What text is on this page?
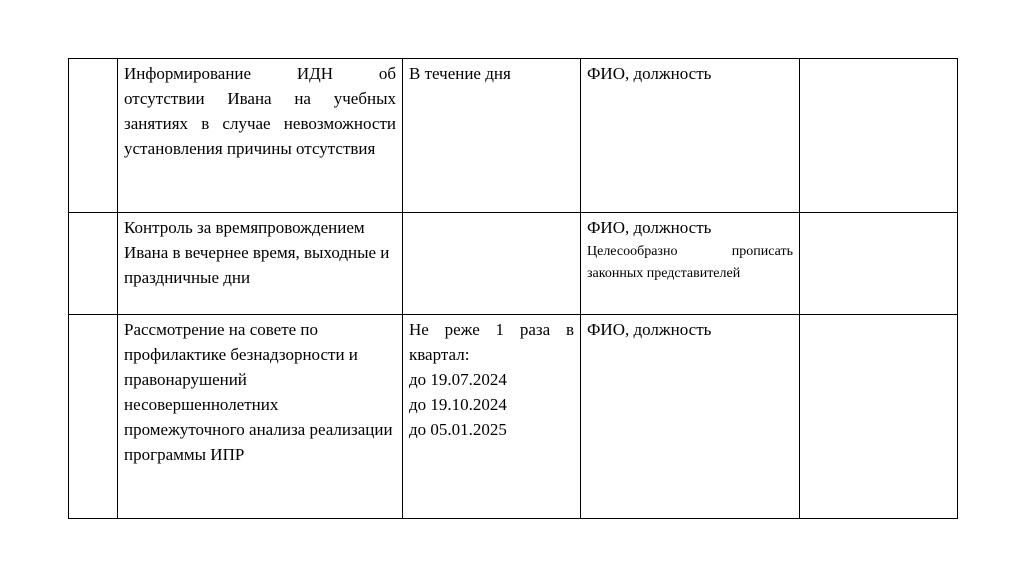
	Информирование ИДН об отсутствии Ивана на учебных занятиях в случае невозможности установления причины отсутствия	В течение дня	ФИО, должность	

	Контроль за времяпровождением Ивана в вечернее время, выходные и праздничные дни		ФИО, должность
Целесообразно прописать законных представителей	

	Рассмотрение на совете по профилактике безнадзорности и правонарушений несовершеннолетних промежуточного анализа реализации программы ИПР	Не реже 1 раза в квартал:

до 19.07.2024
до 19.10.2024
до 05.01.2025	ФИО, должность	
